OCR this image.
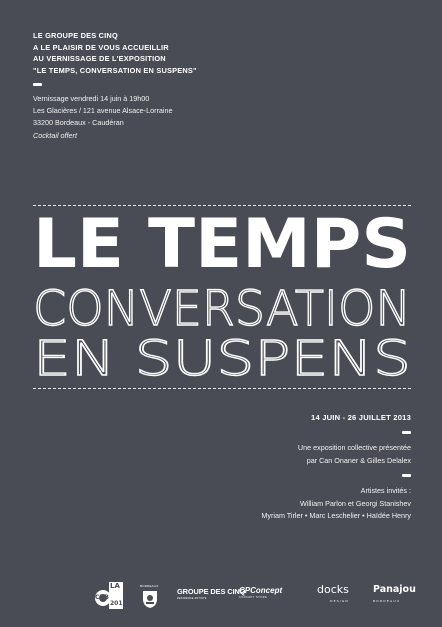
LE GROUPE DES CINQ
A LE PLAISIR DE VOUS ACCUEILLIR
AU VERNISSAGE DE L'EXPOSITION
"LE TEMPS, CONVERSATION EN SUSPENS"
Vernissage vendredi 14 juin à 19h00
Les Glacières / 121 avenue Alsace-Lorraine
33200 Bordeaux - Caudéran
Cocktail offert
LE TEMPS
CONVERSATION
EN SUSPENS
14 JUIN - 26 JUILLET 2013
Une exposition collective présentée
par Can Onaner & Gilles Delalex
Artistes invités :
William Parlon et Georgi Stanishev
Myriam Tirler • Marc Leschelier • Haïdée Henry
LA
CUB
2013
BORDEAUX
GROUPE DES CINQ
RESIDENCE ARTISTE
CPConcept
CONCEPT STORE
docks
DESIGN
Panajou
BORDEAUX
